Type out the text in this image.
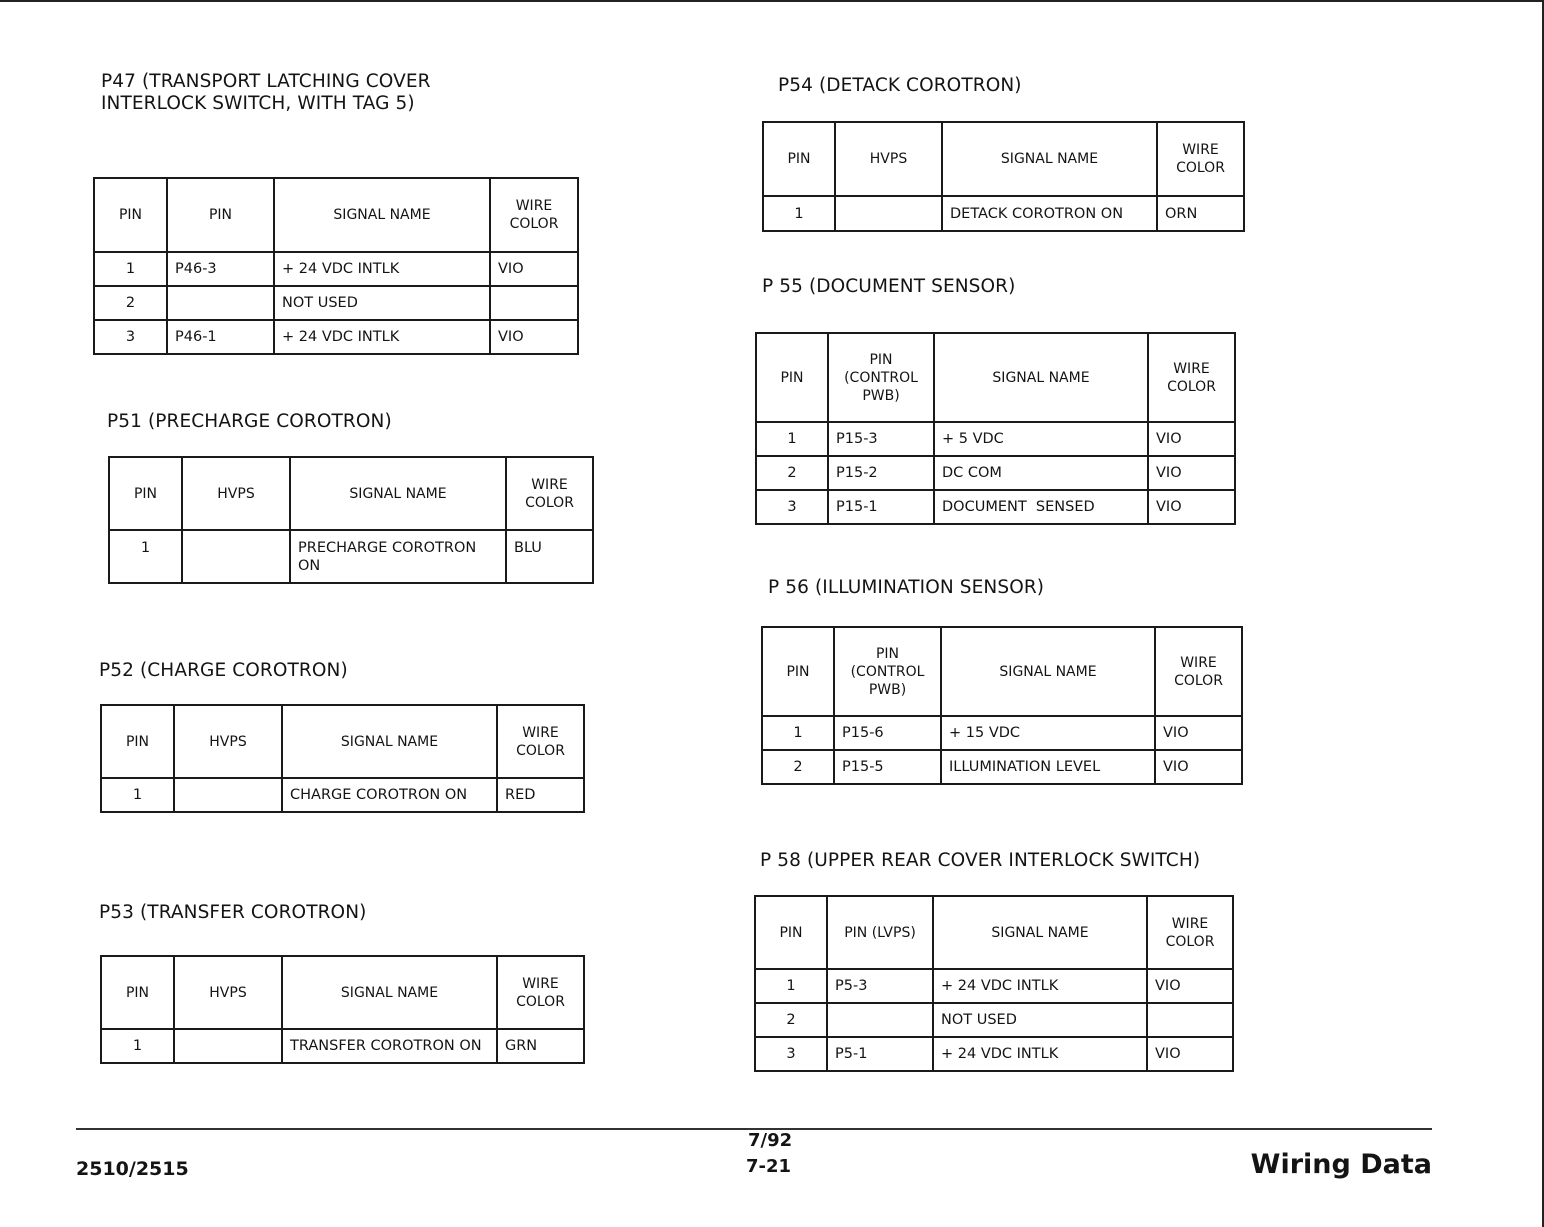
P47 (TRANSPORT LATCHING COVER
INTERLOCK SWITCH, WITH TAG 5)
PIN	PIN	SIGNAL NAME	WIRE
COLOR
1	P46-3	+ 24 VDC INTLK	VIO
2		NOT USED	
3	P46-1	+ 24 VDC INTLK	VIO
P51 (PRECHARGE COROTRON)
PIN	HVPS	SIGNAL NAME	WIRE
COLOR
1		PRECHARGE COROTRON ON	BLU
P52 (CHARGE COROTRON)
PIN	HVPS	SIGNAL NAME	WIRE
COLOR
1		CHARGE COROTRON ON	RED
P53 (TRANSFER COROTRON)
PIN	HVPS	SIGNAL NAME	WIRE
COLOR
1		TRANSFER COROTRON ON	GRN
P54 (DETACK COROTRON)
PIN	HVPS	SIGNAL NAME	WIRE
COLOR
1		DETACK COROTRON ON	ORN
P 55 (DOCUMENT SENSOR)
PIN	PIN
(CONTROL
PWB)	SIGNAL NAME	WIRE
COLOR
1	P15-3	+ 5 VDC	VIO
2	P15-2	DC COM	VIO
3	P15-1	DOCUMENT  SENSED	VIO
P 56 (ILLUMINATION SENSOR)
PIN	PIN
(CONTROL
PWB)	SIGNAL NAME	WIRE
COLOR
1	P15-6	+ 15 VDC	VIO
2	P15-5	ILLUMINATION LEVEL	VIO
P 58 (UPPER REAR COVER INTERLOCK SWITCH)
PIN	PIN (LVPS)	SIGNAL NAME	WIRE
COLOR
1	P5-3	+ 24 VDC INTLK	VIO
2		NOT USED	
3	P5-1	+ 24 VDC INTLK	VIO

2510/2515

7/92

7-21	Wiring Data
